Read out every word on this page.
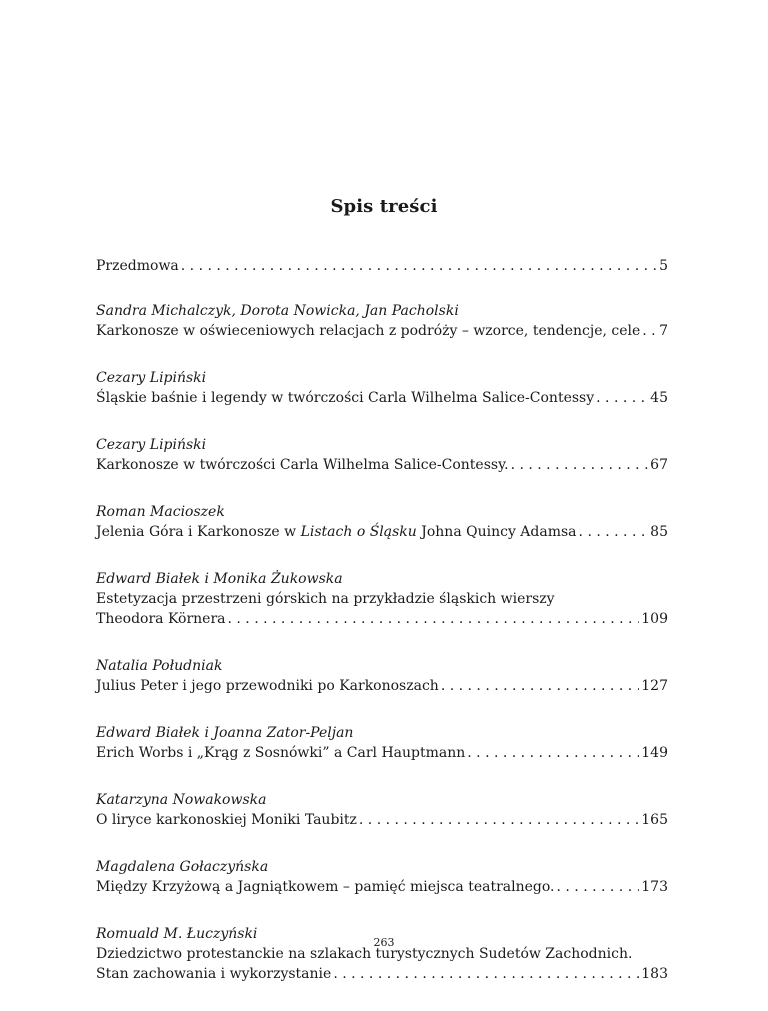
Spis treści
Przedmowa . . .	5
Sandra Michalczyk, Dorota Nowicka, Jan Pacholski
Karkonosze w oświeceniowych relacjach z podróży – wzorce, tendencje, cele . . . 7
Cezary Lipiński
Śląskie baśnie i legendy w twórczości Carla Wilhelma Salice-Contessy . . .	45
Cezary Lipiński
Karkonosze w twórczości Carla Wilhelma Salice-Contessy. . . .	67
Roman Macioszek
Jelenia Góra i Karkonosze w Listach o Śląsku Johna Quincy Adamsa . . .	85
Edward Białek i Monika Żukowska
Estetyzacja przestrzeni górskich na przykładzie śląskich wierszy
Theodora Körnera . . .	109
Natalia Południak
Julius Peter i jego przewodniki po Karkonoszach . . .	127
Edward Białek i Joanna Zator-Peljan
Erich Worbs i „Krąg z Sosnówki” a Carl Hauptmann . . .	149
Katarzyna Nowakowska
O liryce karkonoskiej Moniki Taubitz . . .	165
Magdalena Gołaczyńska
Między Krzyżową a Jagniątkowem – pamięć miejsca teatralnego. . . .	173
Romuald M. Łuczyński
Dziedzictwo protestanckie na szlakach turystycznych Sudetów Zachodnich.
Stan zachowania i wykorzystanie . . .	183
263
